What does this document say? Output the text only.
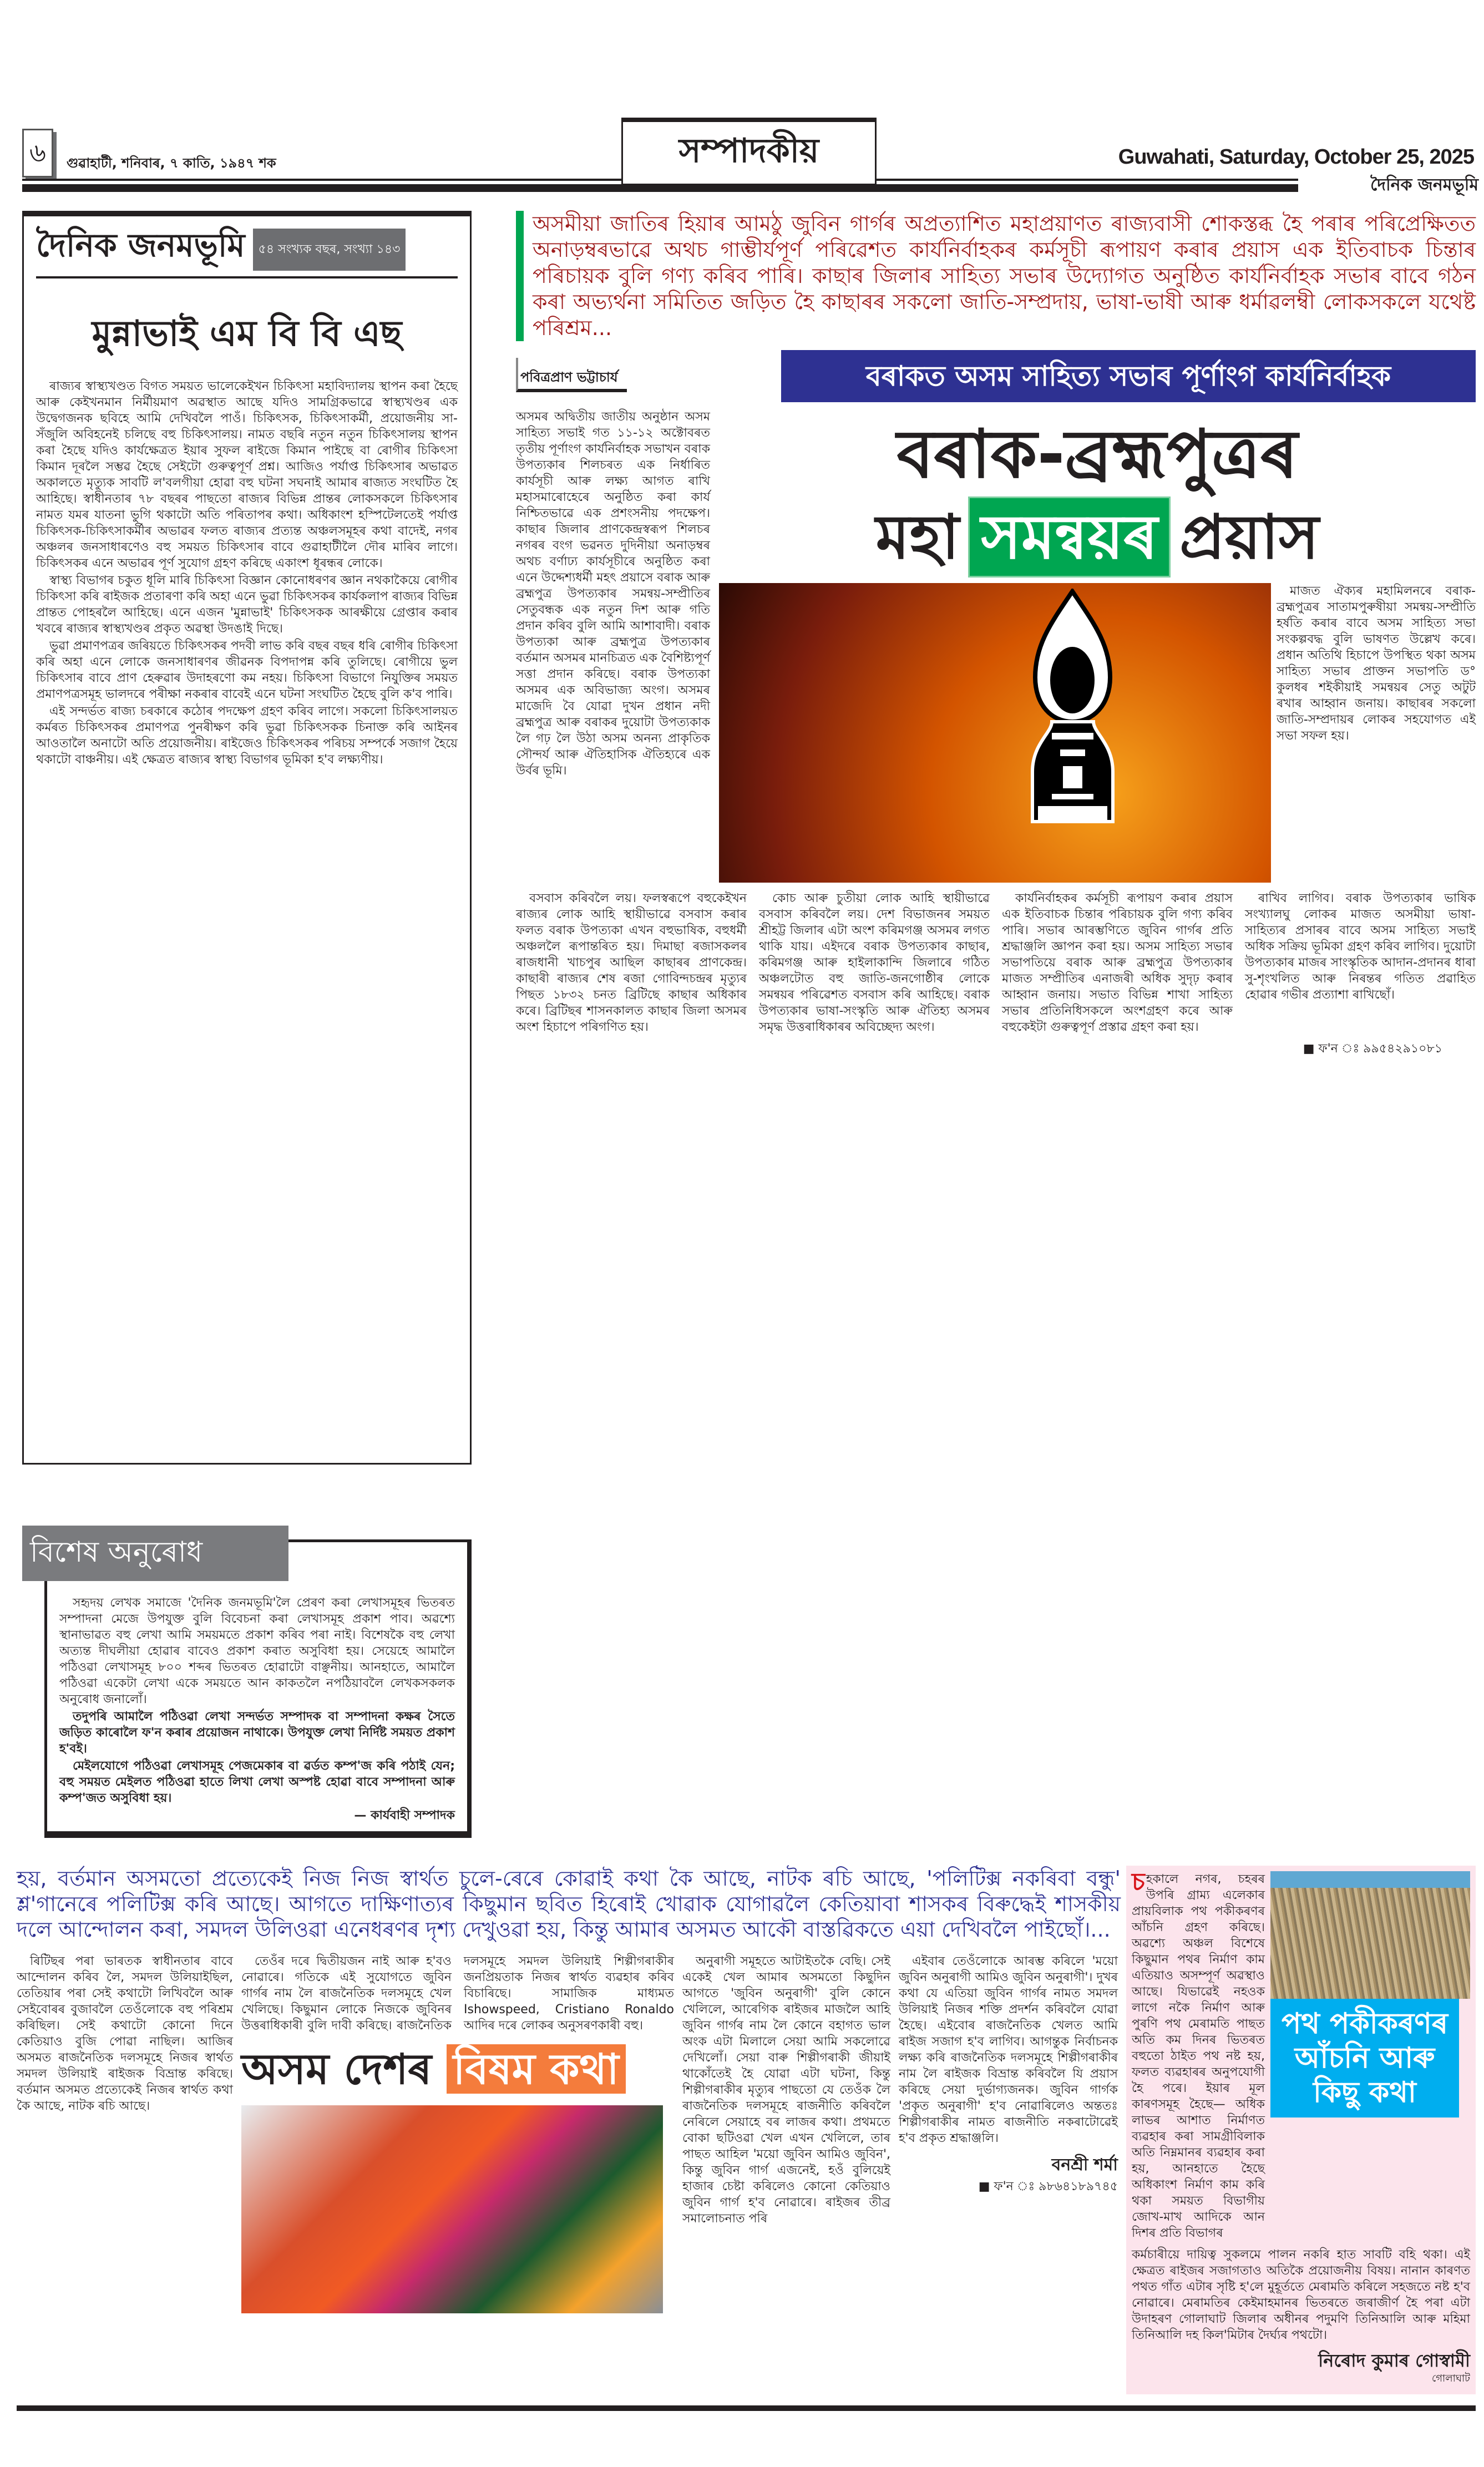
৬	গুৱাহাটী, শনিবাৰ, ৭ কাতি, ১৯৪৭ শক	সম্পাদকীয়	Guwahati, Saturday, October 25, 2025
দৈনিক জনমভূমি
দৈনিক জনমভূমি	৫৪ সংখ্যক বছৰ, সংখ্যা ১৪৩
মুন্নাভাই এম বি বি এছ

ৰাজ্যৰ স্বাস্থ্যখণ্ডত বিগত সময়ত ভালেকেইখন চিকিৎসা মহাবিদ্যালয় স্থাপন কৰা হৈছে আৰু কেইখনমান নিৰ্মীয়মাণ অৱস্থাত আছে যদিও সামগ্ৰিকভাৱে স্বাস্থ্যখণ্ডৰ এক উদ্বেগজনক ছবিহে আমি দেখিবলৈ পাওঁ। চিকিৎসক, চিকিৎসাকৰ্মী, প্ৰয়োজনীয় সা-সঁজুলি অবিহনেই চলিছে বহু চিকিৎসালয়। নামত বছৰি নতুন নতুন চিকিৎসালয় স্থাপন কৰা হৈছে যদিও কাৰ্যক্ষেত্ৰত ইয়াৰ সুফল ৰাইজে কিমান পাইছে বা ৰোগীৰ চিকিৎসা কিমান দূৰলৈ সম্ভৱ হৈছে সেইটো গুৰুত্বপূৰ্ণ প্ৰশ্ন। আজিও পৰ্যাপ্ত চিকিৎসাৰ অভাৱত অকালতে মৃত্যুক সাবটি ল'বলগীয়া হোৱা বহু ঘটনা সঘনাই আমাৰ ৰাজ্যত সংঘটিত হৈ আহিছে। স্বাধীনতাৰ ৭৮ বছৰৰ পাছতো ৰাজ্যৰ বিভিন্ন প্ৰান্তৰ লোকসকলে চিকিৎসাৰ নামত যমৰ যাতনা ভুগি থকাটো অতি পৰিতাপৰ কথা। অধিকাংশ হস্পিটেলতেই পৰ্যাপ্ত চিকিৎসক-চিকিৎসাকৰ্মীৰ অভাৱৰ ফলত ৰাজ্যৰ প্ৰত্যন্ত অঞ্চলসমূহৰ কথা বাদেই, নগৰ অঞ্চলৰ জনসাধাৰণেও বহু সময়ত চিকিৎসাৰ বাবে গুৱাহাটীলৈ দৌৰ মাৰিব লাগে। চিকিৎসকৰ এনে অভাৱৰ পূৰ্ণ সুযোগ গ্ৰহণ কৰিছে একাংশ ধূৰন্ধৰ লোকে।

স্বাস্থ্য বিভাগৰ চকুত ধূলি মাৰি চিকিৎসা বিজ্ঞান কোনোধৰণৰ জ্ঞান নথকাকৈয়ে ৰোগীৰ চিকিৎসা কৰি ৰাইজক প্ৰতাৰণা কৰি অহা এনে ভুৱা চিকিৎসকৰ কাৰ্যকলাপ ৰাজ্যৰ বিভিন্ন প্ৰান্তত পোহৰলৈ আহিছে। এনে এজন 'মুন্নাভাই' চিকিৎসকক আৰক্ষীয়ে গ্ৰেপ্তাৰ কৰাৰ খবৰে ৰাজ্যৰ স্বাস্থ্যখণ্ডৰ প্ৰকৃত অৱস্থা উদঙাই দিছে।

ভুৱা প্ৰমাণপত্ৰৰ জৰিয়তে চিকিৎসকৰ পদবী লাভ কৰি বছৰ বছৰ ধৰি ৰোগীৰ চিকিৎসা কৰি অহা এনে লোকে জনসাধাৰণৰ জীৱনক বিপদাপন্ন কৰি তুলিছে। ৰোগীয়ে ভুল চিকিৎসাৰ বাবে প্ৰাণ হেৰুৱাৰ উদাহৰণো কম নহয়। চিকিৎসা বিভাগে নিযুক্তিৰ সময়ত প্ৰমাণপত্ৰসমূহ ভালদৰে পৰীক্ষা নকৰাৰ বাবেই এনে ঘটনা সংঘটিত হৈছে বুলি ক'ব পাৰি।

এই সন্দৰ্ভত ৰাজ্য চৰকাৰে কঠোৰ পদক্ষেপ গ্ৰহণ কৰিব লাগে। সকলো চিকিৎসালয়ত কৰ্মৰত চিকিৎসকৰ প্ৰমাণপত্ৰ পুনৰীক্ষণ কৰি ভুৱা চিকিৎসকক চিনাক্ত কৰি আইনৰ আওতালৈ অনাটো অতি প্ৰয়োজনীয়। ৰাইজেও চিকিৎসকৰ পৰিচয় সম্পৰ্কে সজাগ হৈয়ে থকাটো বাঞ্চনীয়। এই ক্ষেত্ৰত ৰাজ্যৰ স্বাস্থ্য বিভাগৰ ভূমিকা হ'ব লক্ষ্যণীয়।

বিশেষ অনুৰোধ

সহৃদয় লেখক সমাজে 'দৈনিক জনমভূমি'লৈ প্ৰেৰণ কৰা লেখাসমূহৰ ভিতৰত সম্পাদনা মেজে উপযুক্ত বুলি বিবেচনা কৰা লেখাসমূহ প্ৰকাশ পাব। অৱশ্যে স্থানাভাৱত বহু লেখা আমি সময়মতে প্ৰকাশ কৰিব পৰা নাই। বিশেষকৈ বহু লেখা অত্যন্ত দীঘলীয়া হোৱাৰ বাবেও প্ৰকাশ কৰাত অসুবিধা হয়। সেয়েহে আমালৈ পঠিওৱা লেখাসমূহ ৮০০ শব্দৰ ভিতৰত হোৱাটো বাঞ্ছনীয়। আনহাতে, আমালৈ পঠিওৱা একেটা লেখা একে সময়তে আন কাকতলৈ নপঠিয়াবলৈ লেখকসকলক অনুৰোধ জনালোঁ।

তদুপৰি আমালৈ পঠিওৱা লেখা সন্দৰ্ভত সম্পাদক বা সম্পাদনা কক্ষৰ সৈতে জড়িত কাৰোলৈ ফ'ন কৰাৰ প্ৰয়োজন নাথাকে। উপযুক্ত লেখা নিৰ্দিষ্ট সময়ত প্ৰকাশ হ'বই।

মেইলযোগে পঠিওৱা লেখাসমূহ পেজমেকাৰ বা ৱৰ্ডত কম্প'জ কৰি পঠাই যেন; বহু সময়ত মেইলত পঠিওৱা হাতে লিখা লেখা অস্পষ্ট হোৱা বাবে সম্পাদনা আৰু কম্প'জত অসুবিধা হয়।

— কাৰ্যবাহী সম্পাদক
অসমীয়া জাতিৰ হিয়াৰ আমঠু জুবিন গাৰ্গৰ অপ্ৰত্যাশিত মহাপ্ৰয়াণত ৰাজ্যবাসী শোকস্তব্ধ হৈ পৰাৰ পৰিপ্ৰেক্ষিতত অনাড়ম্বৰভাৱে অথচ গাম্ভীৰ্যপূৰ্ণ পৰিৱেশত কাৰ্যনিৰ্বাহকৰ কৰ্মসূচী ৰূপায়ণ কৰাৰ প্ৰয়াস এক ইতিবাচক চিন্তাৰ পৰিচায়ক বুলি গণ্য কৰিব পাৰি। কাছাৰ জিলাৰ সাহিত্য সভাৰ উদ্যোগত অনুষ্ঠিত কাৰ্যনিৰ্বাহক সভাৰ বাবে গঠন কৰা অভ্যৰ্থনা সমিতিত জড়িত হৈ কাছাৰৰ সকলো জাতি-সম্প্ৰদায়, ভাষা-ভাষী আৰু ধৰ্মাৱলম্বী লোকসকলে যথেষ্ট পৰিশ্ৰম...
পবিত্ৰপ্ৰাণ ভট্টাচাৰ্য

অসমৰ অদ্বিতীয় জাতীয় অনুষ্ঠান অসম সাহিত্য সভাই গত ১১-১২ অক্টোবৰত তৃতীয় পূৰ্ণাংগ কাৰ্যনিৰ্বাহক সভাখন বৰাক উপত্যকাৰ শিলচৰত এক নিৰ্ধাৰিত কাৰ্যসূচী আৰু লক্ষ্য আগত ৰাখি মহাসমাৰোহেৰে অনুষ্ঠিত কৰা কাৰ্য নিশ্চিতভাৱে এক প্ৰশংসনীয় পদক্ষেপ। কাছাৰ জিলাৰ প্ৰাণকেন্দ্ৰস্বৰূপ শিলচৰ নগৰৰ বংগ ভৱনত দুদিনীয়া অনাড়ম্বৰ অথচ বৰ্ণাঢ্য কাৰ্যসূচীৰে অনুষ্ঠিত কৰা এনে উদ্দেশ্যধৰ্মী মহৎ প্ৰয়াসে বৰাক আৰু ব্ৰহ্মপুত্ৰ উপত্যকাৰ সমন্বয়-সম্প্ৰীতিৰ সেতুবন্ধক এক নতুন দিশ আৰু গতি প্ৰদান কৰিব বুলি আমি আশাবাদী। বৰাক উপত্যকা আৰু ব্ৰহ্মপুত্ৰ উপত্যকাৰ বৰ্তমান অসমৰ মানচিত্ৰত এক বৈশিষ্ট্যপূৰ্ণ সত্তা প্ৰদান কৰিছে। বৰাক উপত্যকা অসমৰ এক অবিভাজ্য অংগ। অসমৰ মাজেদি বৈ যোৱা দুখন প্ৰধান নদী ব্ৰহ্মপুত্ৰ আৰু বৰাকৰ দুয়োটা উপত্যকাক লৈ গঢ় লৈ উঠা অসম অনন্য প্ৰাকৃতিক সৌন্দৰ্য আৰু ঐতিহাসিক ঐতিহ্যৰে এক উৰ্বৰ ভূমি।

বৰাকত অসম সাহিত্য সভাৰ পূৰ্ণাংগ কাৰ্যনিৰ্বাহক
বৰাক-ব্ৰহ্মপুত্ৰৰ
মহা সমন্বয়ৰ প্ৰয়াস

মাজত ঐক্যৰ মহামিলনৰে বৰাক-ব্ৰহ্মপুত্ৰৰ সাতামপুৰুষীয়া সমন্বয়-সম্প্ৰীতি হৰ্ষতি কৰাৰ বাবে অসম সাহিত্য সভা সংকল্পবদ্ধ বুলি ভাষণত উল্লেখ কৰে। প্ৰধান অতিথি হিচাপে উপস্থিত থকা অসম সাহিত্য সভাৰ প্ৰাক্তন সভাপতি ড° কুলধৰ শইকীয়াই সমন্বয়ৰ সেতু অটুট ৰখাৰ আহ্বান জনায়। কাছাৰৰ সকলো জাতি-সম্প্ৰদায়ৰ লোকৰ সহযোগত এই সভা সফল হয়।

বসবাস কৰিবলৈ লয়। ফলস্বৰূপে বহুকেইখন ৰাজ্যৰ লোক আহি স্থায়ীভাৱে বসবাস কৰাৰ ফলত বৰাক উপত্যকা এখন বহুভাষিক, বহুধৰ্মী অঞ্চললৈ ৰূপান্তৰিত হয়। দিমাছা ৰজাসকলৰ ৰাজধানী খাচপুৰ আছিল কাছাৰৰ প্ৰাণকেন্দ্ৰ। কাছাৰী ৰাজ্যৰ শেষ ৰজা গোবিন্দচন্দ্ৰৰ মৃত্যুৰ পিছত ১৮৩২ চনত ব্ৰিটিছে কাছাৰ অধিকাৰ কৰে। ব্ৰিটিছৰ শাসনকালত কাছাৰ জিলা অসমৰ অংশ হিচাপে পৰিগণিত হয়।

কোচ আৰু চুতীয়া লোক আহি স্থায়ীভাৱে বসবাস কৰিবলৈ লয়। দেশ বিভাজনৰ সময়ত শ্ৰীহট্ট জিলাৰ এটা অংশ কৰিমগঞ্জ অসমৰ লগত থাকি যায়। এইদৰে বৰাক উপত্যকাৰ কাছাৰ, কৰিমগঞ্জ আৰু হাইলাকান্দি জিলাৰে গঠিত অঞ্চলটোত বহু জাতি-জনগোষ্ঠীৰ লোকে সমন্বয়ৰ পৰিৱেশত বসবাস কৰি আহিছে। বৰাক উপত্যকাৰ ভাষা-সংস্কৃতি আৰু ঐতিহ্য অসমৰ সমৃদ্ধ উত্তৰাধিকাৰৰ অবিচ্ছেদ্য অংগ।

কাৰ্যনিৰ্বাহকৰ কৰ্মসূচী ৰূপায়ণ কৰাৰ প্ৰয়াস এক ইতিবাচক চিন্তাৰ পৰিচায়ক বুলি গণ্য কৰিব পাৰি। সভাৰ আৰম্ভণিতে জুবিন গাৰ্গৰ প্ৰতি শ্ৰদ্ধাঞ্জলি জ্ঞাপন কৰা হয়। অসম সাহিত্য সভাৰ সভাপতিয়ে বৰাক আৰু ব্ৰহ্মপুত্ৰ উপত্যকাৰ মাজত সম্প্ৰীতিৰ এনাজৰী অধিক সুদৃঢ় কৰাৰ আহ্বান জনায়। সভাত বিভিন্ন শাখা সাহিত্য সভাৰ প্ৰতিনিধিসকলে অংশগ্ৰহণ কৰে আৰু বহুকেইটা গুৰুত্বপূৰ্ণ প্ৰস্তাৱ গ্ৰহণ কৰা হয়।

ৰাখিব লাগিব। বৰাক উপত্যকাৰ ভাষিক সংখ্যালঘু লোকৰ মাজত অসমীয়া ভাষা-সাহিত্যৰ প্ৰসাৰৰ বাবে অসম সাহিত্য সভাই অধিক সক্ৰিয় ভূমিকা গ্ৰহণ কৰিব লাগিব। দুয়োটা উপত্যকাৰ মাজৰ সাংস্কৃতিক আদান-প্ৰদানৰ ধাৰা সু-শৃংখলিত আৰু নিৰন্তৰ গতিত প্ৰৱাহিত হোৱাৰ গভীৰ প্ৰত্যাশা ৰাখিছোঁ।

■ ফ'ন ঃ ৯৯৫৪২৯১০৮১
হয়, বৰ্তমান অসমতো প্ৰত্যেকেই নিজ নিজ স্বাৰ্থত চুলে-ৰেৰে কোৱাই কথা কৈ আছে, নাটক ৰচি আছে, 'পলিটিক্স নকৰিবা বন্ধু' শ্ল'গানেৰে পলিটিক্স কৰি আছে। আগতে দাক্ষিণাত্যৰ কিছুমান ছবিত হিৰোই খোৱাক যোগাৱলৈ কেতিয়াবা শাসকৰ বিৰুদ্ধেই শাসকীয় দলে আন্দোলন কৰা, সমদল উলিওৱা এনেধৰণৰ দৃশ্য দেখুওৱা হয়, কিন্তু আমাৰ অসমত আকৌ বাস্তৱিকতে এয়া দেখিবলৈ পাইছোঁ।...

ৰিটিছৰ পৰা ভাৰতক স্বাধীনতাৰ বাবে আন্দোলন কৰিব লৈ, সমদল উলিয়াইছিল, তেতিয়াৰ পৰা সেই কথাটো লিখিবলৈ আৰু সেইবোৰৰ বুজাবলৈ তেওঁলোকে বহু পৰিশ্ৰম কৰিছিল। সেই কথাটো কোনো দিনে কেতিয়াও বুজি পোৱা নাছিল। আজিৰ অসমত ৰাজনৈতিক দলসমূহে নিজৰ স্বাৰ্থত সমদল উলিয়াই ৰাইজক বিভ্ৰান্ত কৰিছে। বৰ্তমান অসমত প্ৰত্যেকেই নিজৰ স্বাৰ্থত কথা কৈ আছে, নাটক ৰচি আছে।

তেওঁৰ দৰে দ্বিতীয়জন নাই আৰু হ'বও নোৱাৰে। গতিকে এই সুযোগতে জুবিন গাৰ্গৰ নাম লৈ ৰাজনৈতিক দলসমূহে খেল খেলিছে। কিছুমান লোকে নিজকে জুবিনৰ উত্তৰাধিকাৰী বুলি দাবী কৰিছে। ৰাজনৈতিক দলসমূহে সমদল উলিয়াই শিল্পীগৰাকীৰ জনপ্ৰিয়তাক নিজৰ স্বাৰ্থত ব্যৱহাৰ কৰিব বিচাৰিছে। সামাজিক মাধ্যমত Ishowspeed, Cristiano Ronaldo আদিৰ দৰে লোকৰ অনুসৰণকাৰী বহু।

অসম দেশৰ বিষম কথা

অনুৰাগী সমূহতে আটাইতকৈ বেছি। সেই একেই খেল আমাৰ অসমতো কিছুদিন আগতে 'জুবিন অনুৰাগী' বুলি কোনে খেলিলে, আৰেগিক ৰাইজৰ মাজলৈ আহি জুবিন গাৰ্গৰ নাম লৈ কোনে বহাগত ভাল অংক এটা মিলালে সেয়া আমি সকলোৱে দেখিলোঁ। সেয়া বাৰু শিল্পীগৰাকী জীয়াই থাকোঁতেই হৈ যোৱা এটা ঘটনা, কিন্তু শিল্পীগৰাকীৰ মৃত্যুৰ পাছতো যে তেওঁক লৈ ৰাজনৈতিক দলসমূহে ৰাজনীতি কৰিবলৈ নেৰিলে সেয়াহে বৰ লাজৰ কথা। প্ৰথমতে বোকা ছটিওৱা খেল এখন খেলিলে, তাৰ পাছত আহিল 'ময়ো জুবিন আমিও জুবিন', কিন্তু জুবিন গাৰ্গ এজনেই, হওঁ বুলিয়েই হাজাৰ চেষ্টা কৰিলেও কোনো কেতিয়াও জুবিন গাৰ্গ হ'ব নোৱাৰে। ৰাইজৰ তীব্ৰ সমালোচনাত পৰি

এইবাৰ তেওঁলোকে আৰম্ভ কৰিলে 'ময়ো জুবিন অনুৰাগী আমিও জুবিন অনুৰাগী'। দুখৰ কথা যে এতিয়া জুবিন গাৰ্গৰ নামত সমদল উলিয়াই নিজৰ শক্তি প্ৰদৰ্শন কৰিবলৈ যোৱা হৈছে। এইবোৰ ৰাজনৈতিক খেলত আমি ৰাইজ সজাগ হ'ব লাগিব। আগন্তুক নিৰ্বাচনক লক্ষ্য কৰি ৰাজনৈতিক দলসমূহে শিল্পীগৰাকীৰ নাম লৈ ৰাইজক বিভ্ৰান্ত কৰিবলৈ যি প্ৰয়াস কৰিছে সেয়া দুৰ্ভাগ্যজনক। জুবিন গাৰ্গক 'প্ৰকৃত অনুৰাগী' হ'ব নোৱাৰিলেও অন্ততঃ শিল্পীগৰাকীৰ নামত ৰাজনীতি নকৰাটোৱেই হ'ব প্ৰকৃত শ্ৰদ্ধাঞ্জলি।

বনশ্ৰী শৰ্মা
■ ফ'ন ঃ ৯৮৬৪১৮৯৭৪৫
চহকালে নগৰ, চহৰৰ উপৰি গ্ৰাম্য এলেকাৰ প্ৰায়বিলাক পথ পকীকৰণৰ আঁচনি গ্ৰহণ কৰিছে। অৱশ্যে অঞ্চল বিশেষে কিছুমান পথৰ নিৰ্মাণ কাম এতিয়াও অসম্পূৰ্ণ অৱস্থাও আছে। যিভাৱেই নহওক লাগে নকৈ নিৰ্মাণ আৰু পুৰণি পথ মেৰামতি পাছত অতি কম দিনৰ ভিতৰত বহুতো ঠাইত পথ নষ্ট হয়, ফলত ব্যৱহাৰৰ অনুপযোগী হৈ পৰে। ইয়াৰ মূল কাৰণসমূহ হৈছে— অধিক লাভৰ আশাত নিৰ্মাণত ব্যৱহাৰ কৰা সামগ্ৰীবিলাক অতি নিম্নমানৰ ব্যৱহাৰ কৰা হয়, আনহাতে হৈছে অধিকাংশ নিৰ্মাণ কাম কৰি থকা সময়ত বিভাগীয় জোখ-মাখ আদিকে আন দিশৰ প্ৰতি বিভাগৰ
পথ পকীকৰণৰ আঁচনি আৰু কিছু কথা

কৰ্মচাৰীয়ে দায়িত্ব সুকলমে পালন নকৰি হাত সাবটি বহি থকা। এই ক্ষেত্ৰত ৰাইজৰ সজাগতাও অতিকৈ প্ৰয়োজনীয় বিষয়। নানান কাৰণত পথত গাঁত এটাৰ সৃষ্টি হ'লে মুহূৰ্ততে মেৰামতি কৰিলে সহজতে নষ্ট হ'ব নোৱাৰে। মেৰামতিৰ কেইমাহমানৰ ভিতৰতে জৰাজীৰ্ণ হৈ পৰা এটা উদাহৰণ গোলাঘাট জিলাৰ অধীনৰ পদুমণি তিনিআলি আৰু মহিমা তিনিআলি দহ কিল'মিটাৰ দৈৰ্ঘ্যৰ পথটো।

নিৰোদ কুমাৰ গোস্বামী
গোলাঘাট
